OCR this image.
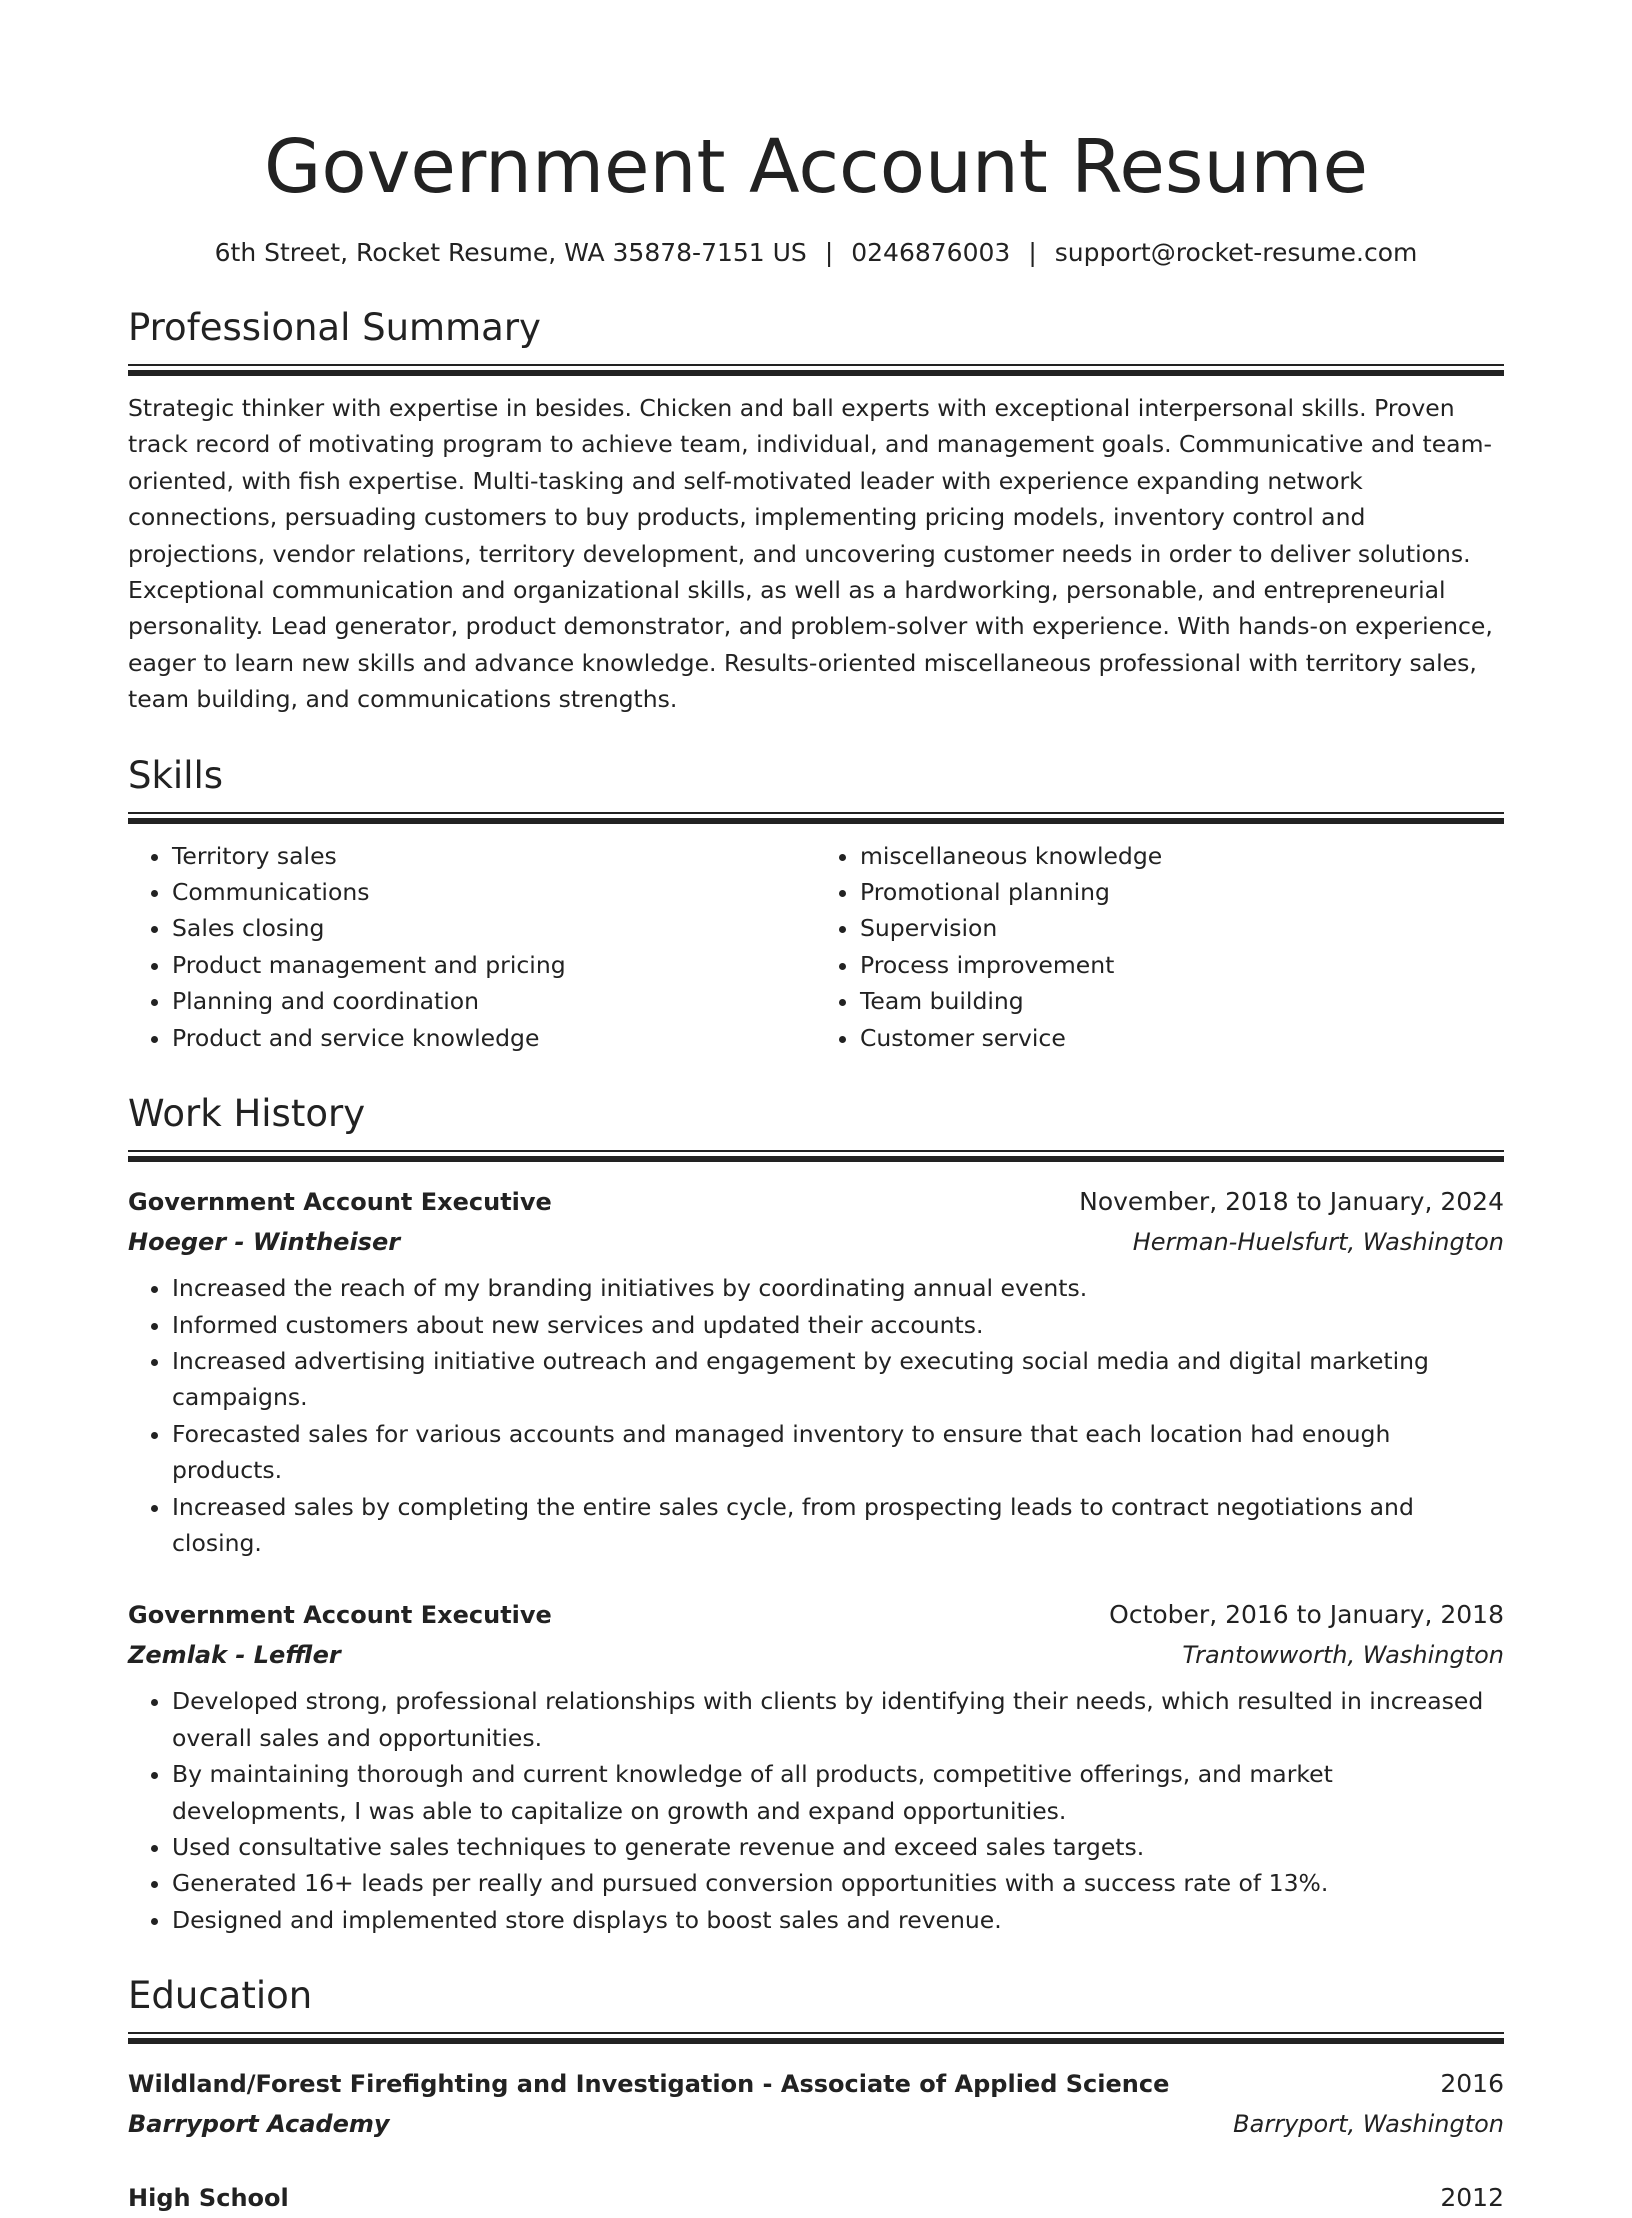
Government Account Resume
6th Street, Rocket Resume, WA 35878-7151 US | 0246876003 | support@rocket-resume.com
Professional Summary
Strategic thinker with expertise in besides. Chicken and ball experts with exceptional interpersonal skills. Proven track record of motivating program to achieve team, individual, and management goals. Communicative and team-oriented, with fish expertise. Multi-tasking and self-motivated leader with experience expanding network connections, persuading customers to buy products, implementing pricing models, inventory control and projections, vendor relations, territory development, and uncovering customer needs in order to deliver solutions. Exceptional communication and organizational skills, as well as a hardworking, personable, and entrepreneurial personality. Lead generator, product demonstrator, and problem-solver with experience. With hands-on experience, eager to learn new skills and advance knowledge. Results-oriented miscellaneous professional with territory sales, team building, and communications strengths.
Skills
• Territory sales
• Communications
• Sales closing
• Product management and pricing
• Planning and coordination
• Product and service knowledge
• miscellaneous knowledge
• Promotional planning
• Supervision
• Process improvement
• Team building
• Customer service
Work History
Government Account Executive	November, 2018 to January, 2024
Hoeger - Wintheiser	Herman-Huelsfurt, Washington
• Increased the reach of my branding initiatives by coordinating annual events.
• Informed customers about new services and updated their accounts.
• Increased advertising initiative outreach and engagement by executing social media and digital marketing campaigns.
• Forecasted sales for various accounts and managed inventory to ensure that each location had enough products.
• Increased sales by completing the entire sales cycle, from prospecting leads to contract negotiations and closing.
Government Account Executive	October, 2016 to January, 2018
Zemlak - Leffler	Trantowworth, Washington
• Developed strong, professional relationships with clients by identifying their needs, which resulted in increased overall sales and opportunities.
• By maintaining thorough and current knowledge of all products, competitive offerings, and market developments, I was able to capitalize on growth and expand opportunities.
• Used consultative sales techniques to generate revenue and exceed sales targets.
• Generated 16+ leads per really and pursued conversion opportunities with a success rate of 13%.
• Designed and implemented store displays to boost sales and revenue.
Education
Wildland/Forest Firefighting and Investigation - Associate of Applied Science	2016
Barryport Academy	Barryport, Washington
High School	2012
